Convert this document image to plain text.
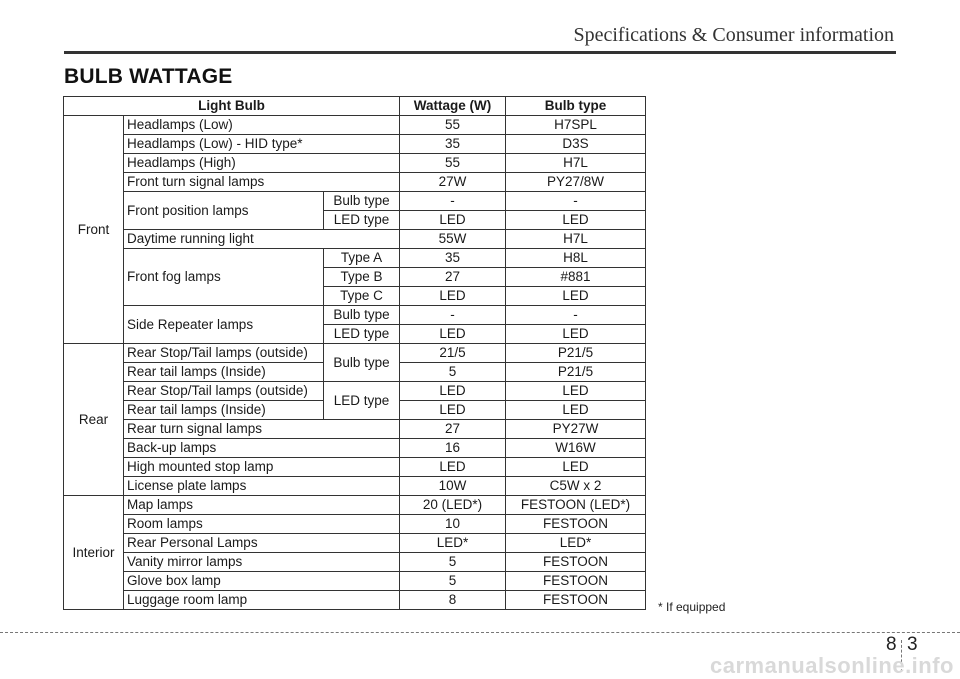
Specifications & Consumer information
BULB WATTAGE
Light Bulb			Wattage (W)	Bulb type
Front	Headlamps (Low)		55	H7SPL
	Headlamps (Low) - HID type*		35	D3S
	Headlamps (High)		55	H7L
	Front turn signal lamps		27W	PY27/8W
	Front position lamps	Bulb type	-	-
		LED type	LED	LED
	Daytime running light		55W	H7L
	Front fog lamps	Type A	35	H8L
		Type B	27	#881
		Type C	LED	LED
	Side Repeater lamps	Bulb type	-	-
		LED type	LED	LED
Rear	Rear Stop/Tail lamps (outside)	Bulb type	21/5	P21/5
	Rear tail lamps (Inside)		5	P21/5
	Rear Stop/Tail lamps (outside)	LED type	LED	LED
	Rear tail lamps (Inside)		LED	LED
	Rear turn signal lamps		27	PY27W
	Back-up lamps		16	W16W
	High mounted stop lamp		LED	LED
	License plate lamps		10W	C5W x 2
Interior	Map lamps		20 (LED*)	FESTOON (LED*)
	Room lamps		10	FESTOON
	Rear Personal Lamps		LED*	LED*
	Vanity mirror lamps		5	FESTOON
	Glove box lamp		5	FESTOON
	Luggage room lamp		8	FESTOON	* If equipped
8 3
carmanualsonline.info
